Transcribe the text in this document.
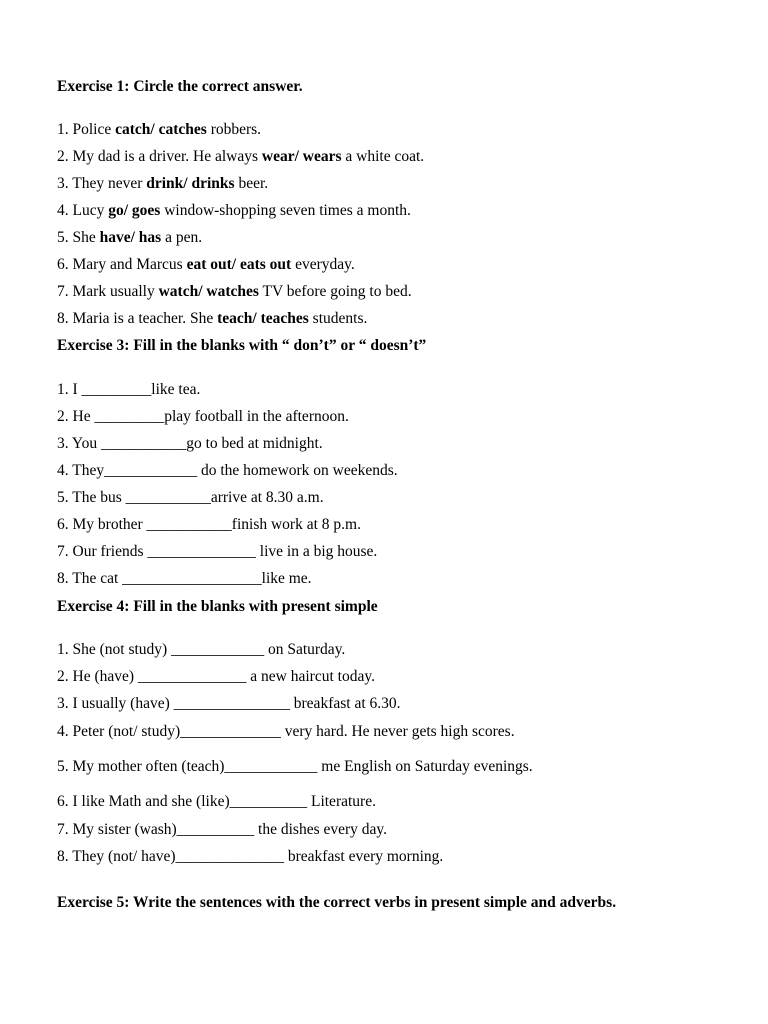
Exercise 1: Circle the correct answer.
1. Police catch/ catches robbers.
2. My dad is a driver. He always wear/ wears a white coat.
3. They never drink/ drinks beer.
4. Lucy go/ goes window-shopping seven times a month.
5. She have/ has a pen.
6. Mary and Marcus eat out/ eats out everyday.
7. Mark usually watch/ watches TV before going to bed.
8. Maria is a teacher. She teach/ teaches students.
Exercise 3: Fill in the blanks with “ don’t” or “ doesn’t”
1. I _________like tea.
2. He _________play football in the afternoon.
3. You ___________go to bed at midnight.
4. They____________ do the homework on weekends.
5. The bus ___________arrive at 8.30 a.m.
6. My brother ___________finish work at 8 p.m.
7. Our friends ______________ live in a big house.
8. The cat __________________like me.
Exercise 4: Fill in the blanks with present simple
1. She (not study) ____________ on Saturday.
2. He (have) ______________ a new haircut today.
3. I usually (have) _______________ breakfast at 6.30.
4. Peter (not/ study)_____________ very hard. He never gets high scores.
5. My mother often (teach)____________ me English on Saturday evenings.
6. I like Math and she (like)__________ Literature.
7. My sister (wash)__________ the dishes every day.
8. They (not/ have)______________ breakfast every morning.
Exercise 5: Write the sentences with the correct verbs in present simple and adverbs.
